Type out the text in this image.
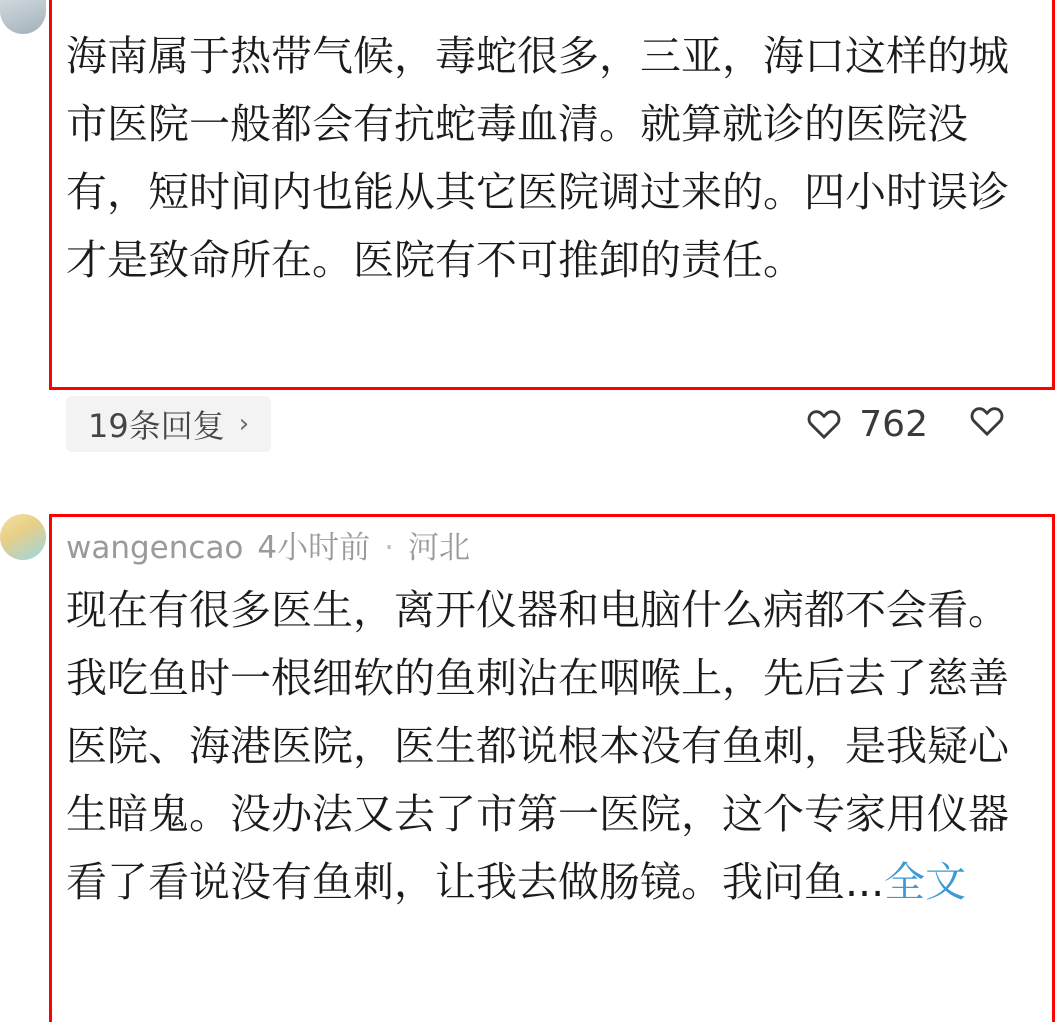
海南属于热带气候，毒蛇很多，三亚，海口这样的城市医院一般都会有抗蛇毒血清。就算就诊的医院没有，短时间内也能从其它医院调过来的。四小时误诊才是致命所在。医院有不可推卸的责任。
19条回复 ›	762
wangencao 4小时前 · 河北
现在有很多医生，离开仪器和电脑什么病都不会看。我吃鱼时一根细软的鱼刺沾在咽喉上，先后去了慈善医院、海港医院，医生都说根本没有鱼刺，是我疑心生暗鬼。没办法又去了市第一医院，这个专家用仪器看了看说没有鱼刺，让我去做肠镜。我问鱼...全文
